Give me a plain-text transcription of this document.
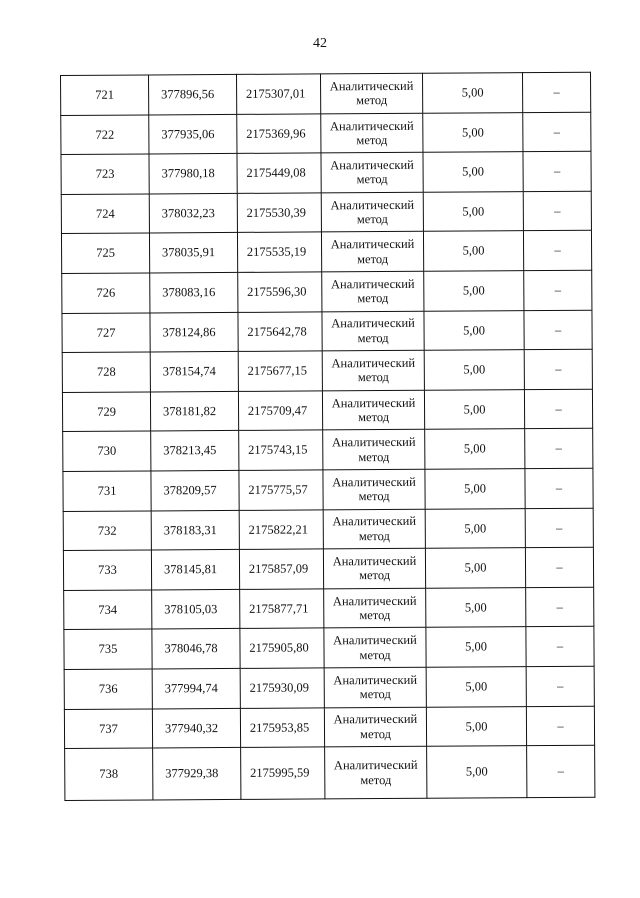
42
721	377896,56	2175307,01	Аналитический метод	5,00	–
722	377935,06	2175369,96	Аналитический метод	5,00	–
723	377980,18	2175449,08	Аналитический метод	5,00	–
724	378032,23	2175530,39	Аналитический метод	5,00	–
725	378035,91	2175535,19	Аналитический метод	5,00	–
726	378083,16	2175596,30	Аналитический метод	5,00	–
727	378124,86	2175642,78	Аналитический метод	5,00	–
728	378154,74	2175677,15	Аналитический метод	5,00	–
729	378181,82	2175709,47	Аналитический метод	5,00	–
730	378213,45	2175743,15	Аналитический метод	5,00	–
731	378209,57	2175775,57	Аналитический метод	5,00	–
732	378183,31	2175822,21	Аналитический метод	5,00	–
733	378145,81	2175857,09	Аналитический метод	5,00	–
734	378105,03	2175877,71	Аналитический метод	5,00	–
735	378046,78	2175905,80	Аналитический метод	5,00	–
736	377994,74	2175930,09	Аналитический метод	5,00	–
737	377940,32	2175953,85	Аналитический метод	5,00	–
738	377929,38	2175995,59	Аналитический метод	5,00	–
